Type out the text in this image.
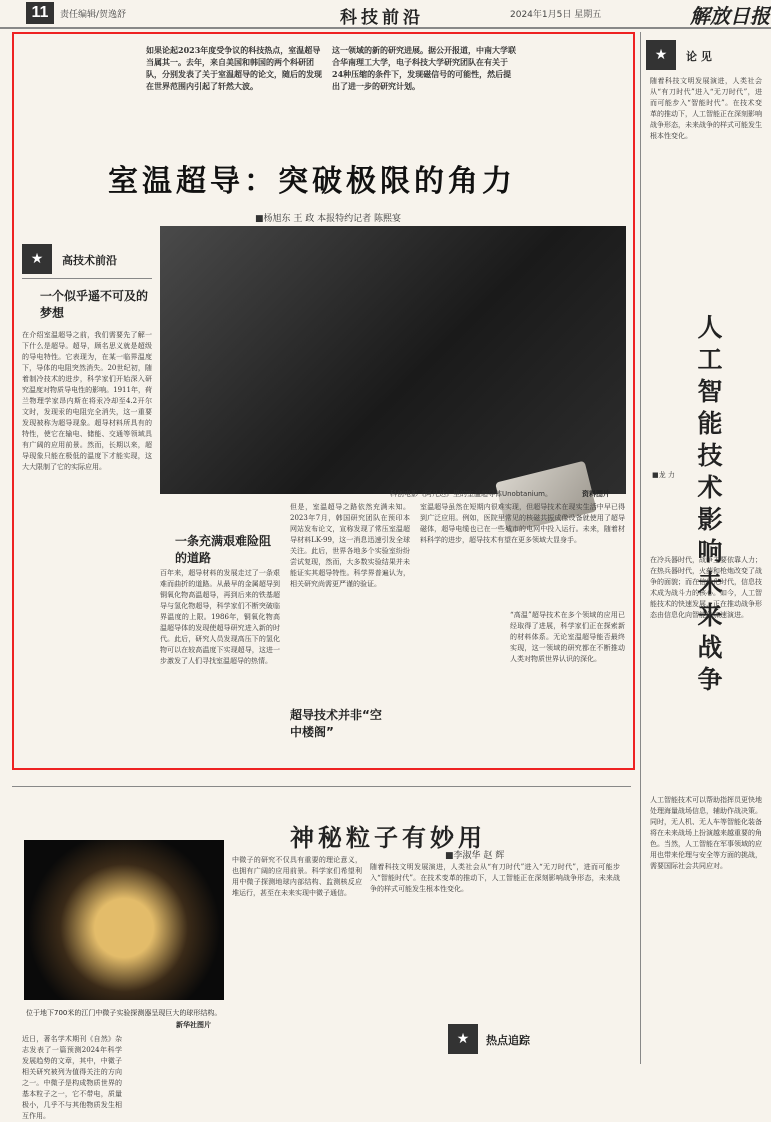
11	责任编辑/贺逸舒	科技前沿	2024年1月5日 星期五	解放日报
如果论起2023年度受争议的科技热点，室温超导当属其一。去年，来自美国和韩国的两个科研团队，分别发表了关于室温超导的论文，随后的发现在世界范围内引起了轩然大波。
这一领域的新的研究进展。据公开报道，中南大学联合华南理工大学，电子科技大学研究团队在有关于24种压缩的条件下，发现磁信号的可能性，然后提出了进一步的研究计划。
室温超导：突破极限的角力
■杨旭东 王 政 本报特约记者 陈熙宴
科创电影《阿凡达》里的室温超导体Unobtanium。	资料图片
★	高技术前沿
一个似乎遥不可及的梦想
在介绍室温超导之前，我们需要先了解一下什么是超导。超导，顾名思义就是超级的导电特性。它表现为，在某一临界温度下，导体的电阻突然消失。20世纪初，随着制冷技术的进步，科学家们开始深入研究温度对物质导电性的影响。1911年，荷兰物理学家昂内斯在将汞冷却至4.2开尔文时，发现汞的电阻完全消失，这一重要发现被称为超导现象。超导材料所具有的特性，使它在输电、储能、交通等领域具有广阔的应用前景。然而，长期以来，超导现象只能在极低的温度下才能实现，这大大限制了它的实际应用。
一条充满艰难险阻的道路
百年来，超导材料的发展走过了一条艰难而曲折的道路。从最早的金属超导到铜氧化物高温超导，再到后来的铁基超导与氢化物超导，科学家们不断突破临界温度的上限。1986年，铜氧化物高温超导体的发现使超导研究进入新的时代。此后，研究人员发现高压下的氢化物可以在较高温度下实现超导，这进一步激发了人们寻找室温超导的热情。
但是，室温超导之路依然充满未知。2023年7月，韩国研究团队在预印本网站发布论文，宣称发现了常压室温超导材料LK-99，这一消息迅速引发全球关注。此后，世界各地多个实验室纷纷尝试复现，然而，大多数实验结果并未能证实其超导特性。科学界普遍认为，相关研究尚需更严谨的验证。
超导技术并非“空中楼阁”
室温超导虽然在短期内很难实现，但超导技术在现实生活中早已得到广泛应用。例如，医院里常见的核磁共振成像设备就使用了超导磁体，超导电缆也已在一些城市的电网中投入运行。未来，随着材料科学的进步，超导技术有望在更多领域大显身手。
“高温”超导技术在多个领域的应用已经取得了进展，科学家们正在探索新的材料体系。无论室温超导能否最终实现，这一领域的研究都在不断推动人类对物质世界认识的深化。
神秘粒子有妙用
■李淑华 赵 辉
位于地下700米的江门中微子实验探测器呈现巨大的球形结构。
新华社图片
近日，著名学术期刊《自然》杂志发表了一篇预测2024年科学发展趋势的文章，其中，中微子相关研究被列为值得关注的方向之一。中微子是构成物质世界的基本粒子之一，它不带电，质量极小，几乎不与其他物质发生相互作用。
中微子的研究不仅具有重要的理论意义，也拥有广阔的应用前景。科学家们希望利用中微子探测地球内部结构、监测核反应堆运行，甚至在未来实现中微子通信。
随着科技文明发展演进，人类社会从“有刀时代”进入“无刀时代”，进而可能步入“智能时代”。在技术变革的推动下，人工智能正在深刻影响战争形态，未来战争的样式可能发生根本性变化。
★	热点追踪
★	论 见
随着科技文明发展演进，人类社会从“有刀时代”进入“无刀时代”，进而可能步入“智能时代”。在技术变革的推动下，人工智能正在深刻影响战争形态，未来战争的样式可能发生根本性变化。
人工智能技术影响未来战争
■龙 力
在冷兵器时代，战争主要依靠人力；在热兵器时代，火药和枪炮改变了战争的面貌；而在信息化时代，信息技术成为战斗力的核心。如今，人工智能技术的快速发展，正在推动战争形态由信息化向智能化加速演进。
人工智能技术可以帮助指挥员更快地处理海量战场信息，辅助作战决策。同时，无人机、无人车等智能化装备将在未来战场上扮演越来越重要的角色。当然，人工智能在军事领域的应用也带来伦理与安全等方面的挑战，需要国际社会共同应对。
